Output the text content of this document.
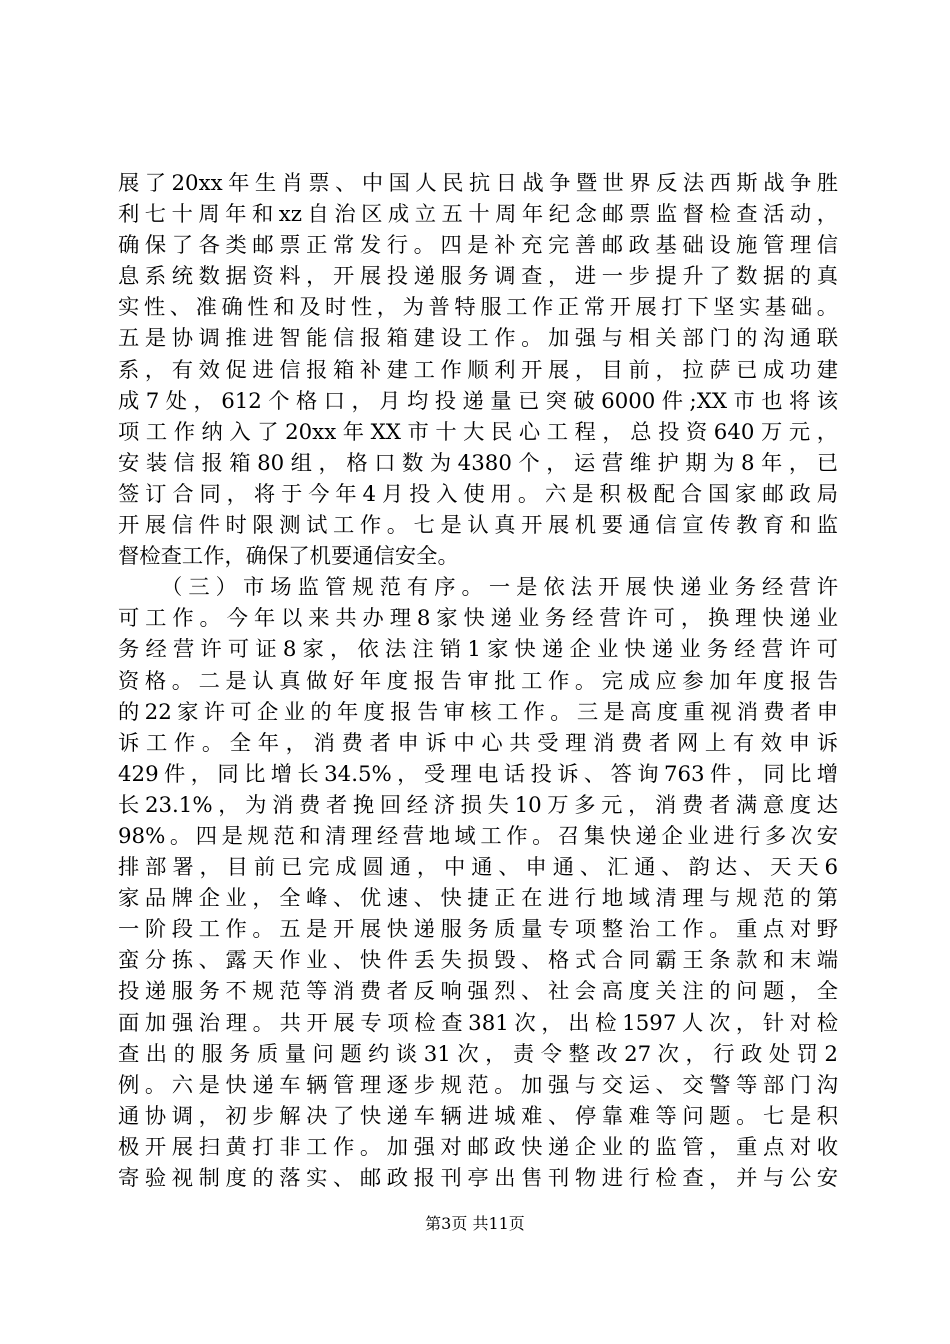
展了20xx年生肖票、中国人民抗日战争暨世界反法西斯战争胜
利七十周年和xz自治区成立五十周年纪念邮票监督检查活动，
确保了各类邮票正常发行。四是补充完善邮政基础设施管理信
息系统数据资料，开展投递服务调查，进一步提升了数据的真
实性、准确性和及时性，为普特服工作正常开展打下坚实基础。
五是协调推进智能信报箱建设工作。加强与相关部门的沟通联
系，有效促进信报箱补建工作顺利开展，目前，拉萨已成功建
成7处，612个格口，月均投递量已突破6000件;XX市也将该
项工作纳入了20xx年XX市十大民心工程，总投资640万元，
安装信报箱80组，格口数为4380个，运营维护期为8年，已
签订合同，将于今年4月投入使用。六是积极配合国家邮政局
开展信件时限测试工作。七是认真开展机要通信宣传教育和监
督检查工作，确保了机要通信安全。
（三）市场监管规范有序。一是依法开展快递业务经营许
可工作。今年以来共办理8家快递业务经营许可，换理快递业
务经营许可证8家，依法注销1家快递企业快递业务经营许可
资格。二是认真做好年度报告审批工作。完成应参加年度报告
的22家许可企业的年度报告审核工作。三是高度重视消费者申
诉工作。全年，消费者申诉中心共受理消费者网上有效申诉
429件，同比增长34.5%，受理电话投诉、答询763件，同比增
长23.1%，为消费者挽回经济损失10万多元，消费者满意度达
98%。四是规范和清理经营地域工作。召集快递企业进行多次安
排部署，目前已完成圆通，中通、申通、汇通、韵达、天天6
家品牌企业，全峰、优速、快捷正在进行地域清理与规范的第
一阶段工作。五是开展快递服务质量专项整治工作。重点对野
蛮分拣、露天作业、快件丢失损毁、格式合同霸王条款和末端
投递服务不规范等消费者反响强烈、社会高度关注的问题，全
面加强治理。共开展专项检查381次，出检1597人次，针对检
查出的服务质量问题约谈31次，责令整改27次，行政处罚2
例。六是快递车辆管理逐步规范。加强与交运、交警等部门沟
通协调，初步解决了快递车辆进城难、停靠难等问题。七是积
极开展扫黄打非工作。加强对邮政快递企业的监管，重点对收
寄验视制度的落实、邮政报刊亭出售刊物进行检查，并与公安
第3页 共11页
